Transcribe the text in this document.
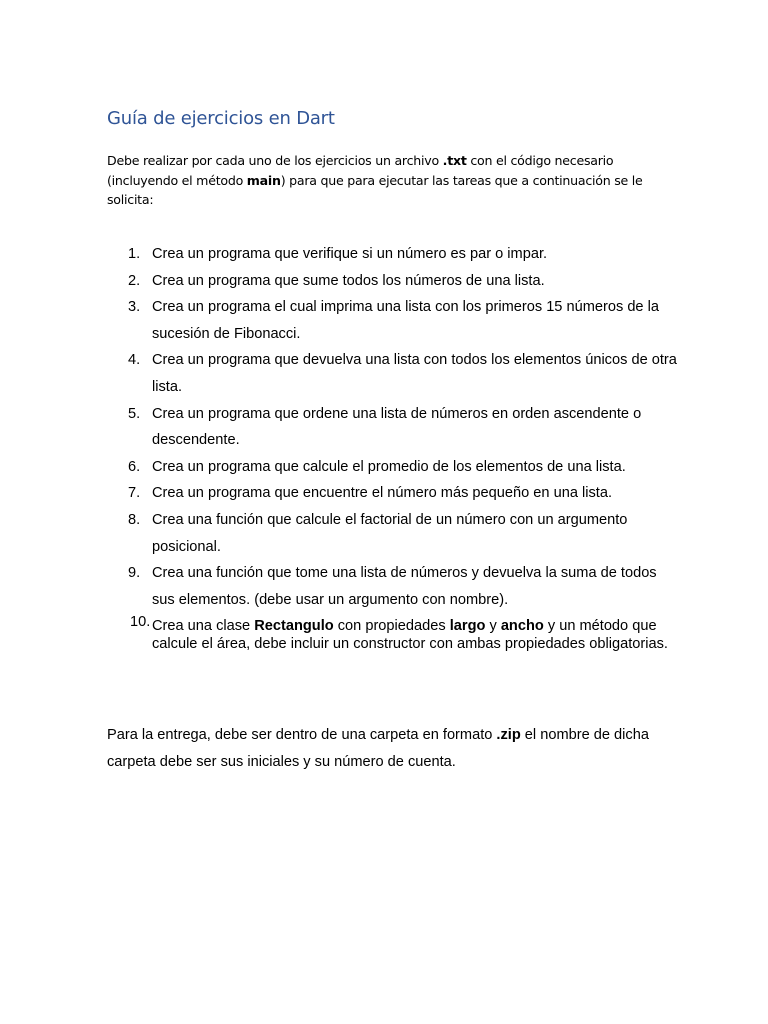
Guía de ejercicios en Dart

Debe realizar por cada uno de los ejercicios un archivo .txt con el código necesario (incluyendo el método main) para que para ejecutar las tareas que a continuación se le solicita:

1. Crea un programa que verifique si un número es par o impar.
2. Crea un programa que sume todos los números de una lista.
3. Crea un programa el cual imprima una lista con los primeros 15 números de la sucesión de Fibonacci.
4. Crea un programa que devuelva una lista con todos los elementos únicos de otra lista.
5. Crea un programa que ordene una lista de números en orden ascendente o descendente.
6. Crea un programa que calcule el promedio de los elementos de una lista.
7. Crea un programa que encuentre el número más pequeño en una lista.
8. Crea una función que calcule el factorial de un número con un argumento posicional.
9. Crea una función que tome una lista de números y devuelva la suma de todos sus elementos. (debe usar un argumento con nombre).
10. Crea una clase Rectangulo con propiedades largo y ancho y un método que calcule el área, debe incluir un constructor con ambas propiedades obligatorias.

Para la entrega, debe ser dentro de una carpeta en formato .zip el nombre de dicha carpeta debe ser sus iniciales y su número de cuenta.
